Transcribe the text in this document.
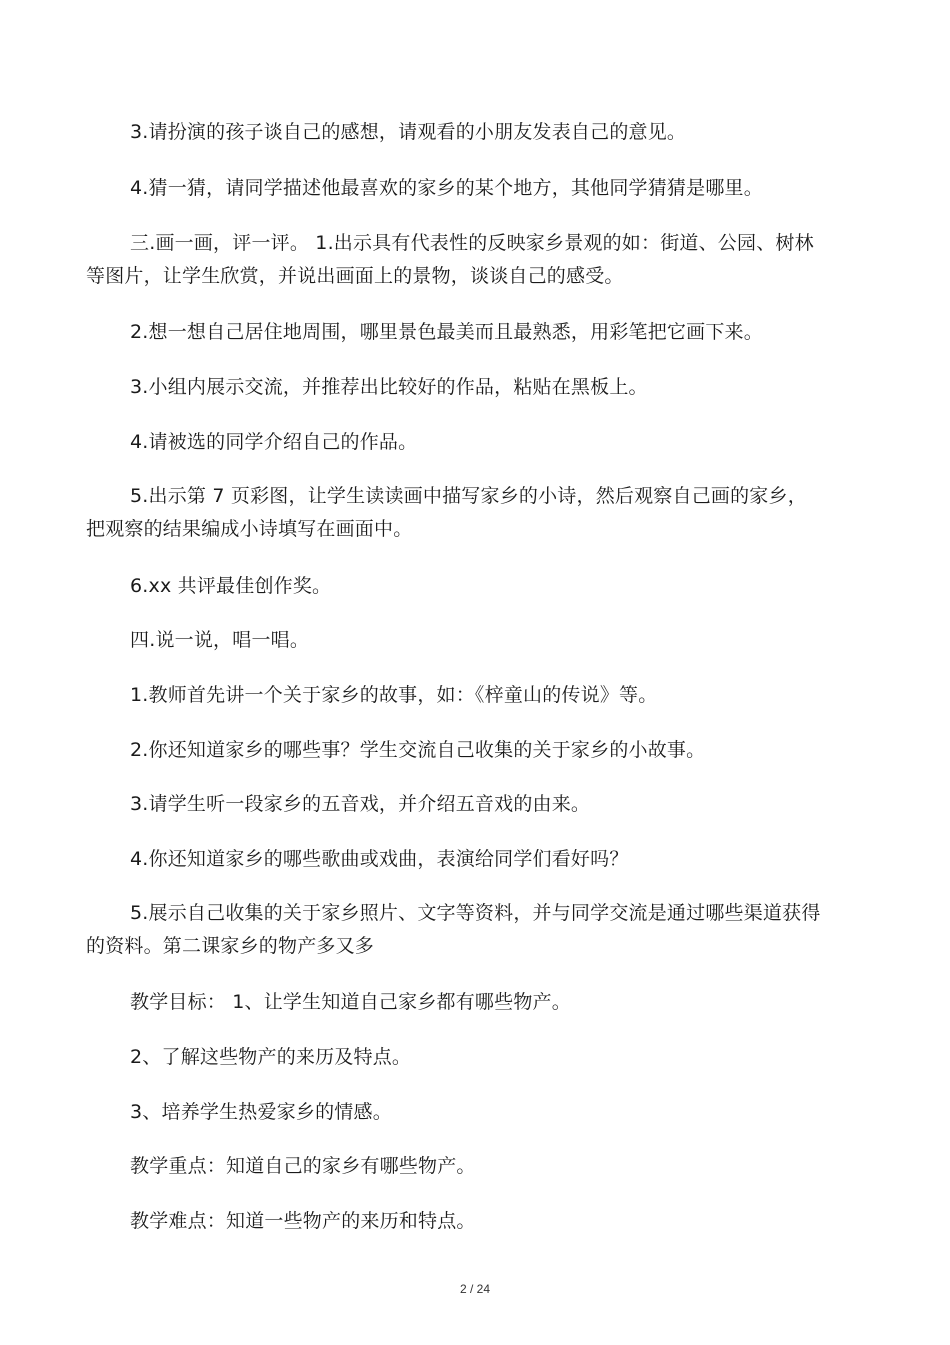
3.请扮演的孩子谈自己的感想，请观看的小朋友发表自己的意见。

4.猜一猜，请同学描述他最喜欢的家乡的某个地方，其他同学猜猜是哪里。

三.画一画，评一评。 1.出示具有代表性的反映家乡景观的如：街道、公园、树林等图片，让学生欣赏，并说出画面上的景物，谈谈自己的感受。

2.想一想自己居住地周围，哪里景色最美而且最熟悉，用彩笔把它画下来。

3.小组内展示交流，并推荐出比较好的作品，粘贴在黑板上。

4.请被选的同学介绍自己的作品。

5.出示第 7 页彩图，让学生读读画中描写家乡的小诗，然后观察自己画的家乡，把观察的结果编成小诗填写在画面中。

6.xx 共评最佳创作奖。

四.说一说，唱一唱。

1.教师首先讲一个关于家乡的故事，如：《梓童山的传说》等。

2.你还知道家乡的哪些事？学生交流自己收集的关于家乡的小故事。

3.请学生听一段家乡的五音戏，并介绍五音戏的由来。

4.你还知道家乡的哪些歌曲或戏曲，表演给同学们看好吗？

5.展示自己收集的关于家乡照片、文字等资料，并与同学交流是通过哪些渠道获得的资料。第二课家乡的物产多又多

教学目标： 1、让学生知道自己家乡都有哪些物产。

2、了解这些物产的来历及特点。

3、培养学生热爱家乡的情感。

教学重点：知道自己的家乡有哪些物产。

教学难点：知道一些物产的来历和特点。

2 / 24
